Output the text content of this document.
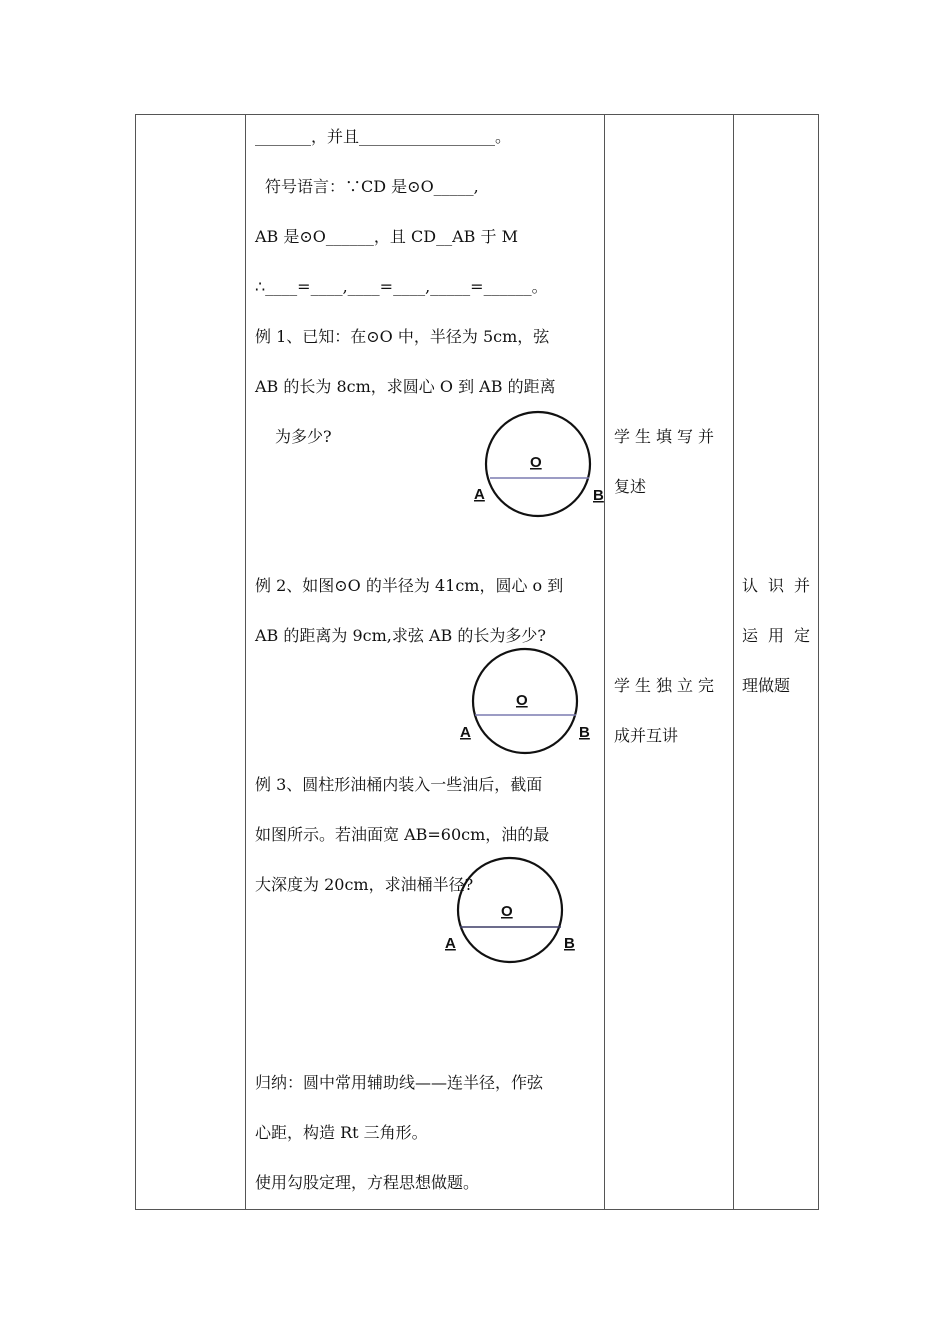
_______，并且_________________。
符号语言：∵CD 是⊙O_____,
AB 是⊙O______，且 CD__AB 于 M
∴____=____,____=____,_____=______。
例 1、已知：在⊙O 中，半径为 5cm，弦
AB 的长为 8cm，求圆心 O 到 AB 的距离
为多少?
O
A	B
例 2、如图⊙O 的半径为 41cm，圆心 o 到
AB 的距离为 9cm,求弦 AB 的长为多少?
O
A	B
例 3、圆柱形油桶内装入一些油后，截面
如图所示。若油面宽 AB=60cm，油的最
大深度为 20cm，求油桶半径?
O
A	B
归纳：圆中常用辅助线——连半径，作弦
心距，构造 Rt 三角形。
使用勾股定理，方程思想做题。
学生填写并
复述
学生独立完
成并互讲
认识并
运用定
理做题
